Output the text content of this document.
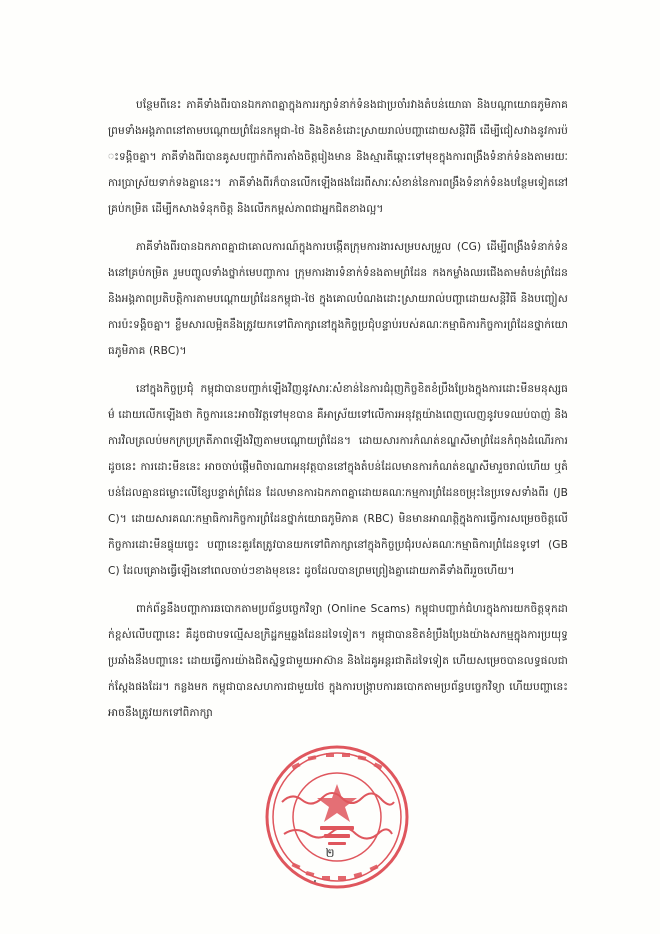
បន្ថែមពីនេះ ភាគីទាំងពីរបានឯកភាពគ្នាក្នុងការរក្សាទំនាក់ទំនងជាប្រចាំរវាងតំបន់យោធា និងបណ្តាយោធភូមិភាគ ព្រមទាំងអង្គភាពនៅតាមបណ្តោយព្រំដែនកម្ពុជា-ថៃ និងខិតខំដោះស្រាយរាល់បញ្ហាដោយសន្តិវិធី ដើម្បីជៀសវាងនូវការប៉ះទង្គិចគ្នា។ ភាគីទាំងពីរបានគូសបញ្ជាក់ពីការតាំងចិត្តរៀងមាន និងស្មារតីឆ្ពោះទៅមុខក្នុងការពង្រឹងទំនាក់ទំនងតាមរយៈការប្រាស្រ័យទាក់ទងគ្នានេះ។ ភាគីទាំងពីរក៏បានលើកឡើងផងដែរពីសារៈសំខាន់នៃការពង្រឹងទំនាក់ទំនងបន្ថែមទៀតនៅគ្រប់កម្រិត ដើម្បីកសាងទំនុកចិត្ត និងលើកកម្ពស់ភាពជាអ្នកជិតខាងល្អ។

ភាគីទាំងពីរបានឯកភាពគ្នាជាគោលការណ៍ក្នុងការបង្កើតក្រុមការងារសម្របសម្រួល (CG) ដើម្បីពង្រឹងទំនាក់ទំនងនៅគ្រប់កម្រិត រួមបញ្ចូលទាំងថ្នាក់មេបញ្ជាការ ក្រុមការងារទំនាក់ទំនងតាមព្រំដែន កងកម្លាំងឈរជើងតាមតំបន់ព្រំដែន និងអង្គភាពប្រតិបត្តិការតាមបណ្តោយព្រំដែនកម្ពុជា-ថៃ ក្នុងគោលបំណងដោះស្រាយរាល់បញ្ហាដោយសន្តិវិធី និងបញ្ចៀសការប៉ះទង្គិចគ្នា។ ខ្លឹមសារលម្អិតនឹងត្រូវយកទៅពិភាក្សានៅក្នុងកិច្ចប្រជុំបន្ទាប់របស់គណៈកម្មាធិការកិច្ចការព្រំដែនថ្នាក់យោធភូមិភាគ (RBC)។

នៅក្នុងកិច្ចប្រជុំ កម្ពុជាបានបញ្ជាក់ឡើងវិញនូវសារៈសំខាន់នៃការជំរុញកិច្ចខិតខំប្រឹងប្រែងក្នុងការដោះមីនមនុស្សធម៌ ដោយលើកឡើងថា កិច្ចការនេះអាចវិវត្តទៅមុខបាន គឺអាស្រ័យទៅលើការអនុវត្តយ៉ាងពេញលេញនូវបទឈប់បាញ់ និងការវិលត្រលប់មកក្រប្រក្រតីភាពឡើងវិញតាមបណ្តោយព្រំដែន។ ដោយសារការកំណត់ខណ្ឌសីមាព្រំដែនកំពុងដំណើរការ ដូចនេះ ការដោះមីននេះ អាចចាប់ផ្តើមពិចារណាអនុវត្តបាននៅក្នុងតំបន់ដែលមានការកំណត់ខណ្ឌសីមារួចរាល់ហើយ ឬតំបន់ដែលគ្មានជម្លោះលើខ្សែបន្ទាត់ព្រំដែន ដែលមានការឯកភាពគ្នាដោយគណៈកម្មការព្រំដែនចម្រុះនៃប្រទេសទាំងពីរ (JBC)។ ដោយសារគណៈកម្មាធិការកិច្ចការព្រំដែនថ្នាក់យោធភូមិភាគ (RBC) មិនមានអាណត្តិក្នុងការធ្វើការសម្រេចចិត្តលើកិច្ចការដោះមីនផ្ទុយច្ចេះ បញ្ហានេះគួរតែត្រូវបានយកទៅពិភាក្សានៅក្នុងកិច្ចប្រជុំរបស់គណៈកម្មាធិការព្រំដែនទូទៅ (GBC) ដែលគ្រោងធ្វើឡើងនៅពេលចាប់ៗខាងមុខនេះ ដូចដែលបានព្រមព្រៀងគ្នាដោយភាគីទាំងពីររួចហើយ។

ពាក់ព័ន្ធនឹងបញ្ហាការឆបោកតាមប្រព័ន្ធបច្ចេកវិទ្យា (Online Scams) កម្ពុជាបញ្ជាក់ជំហរក្នុងការយកចិត្តទុកដាក់ខ្ពស់លើបញ្ហានេះ គឺដូចជាបទល្មើសឧក្រិដ្ឋកម្មឆ្លងដែនដទៃទៀត។ កម្ពុជាបានខិតខំប្រឹងប្រែងយ៉ាងសកម្មក្នុងការប្រយុទ្ធប្រឆាំងនឹងបញ្ហានេះ ដោយធ្វើការយ៉ាងជិតស្និទ្ធជាមួយអាស៊ាន និងដៃគូអន្តរជាតិដទៃទៀត ហើយសម្រេចបានលទ្ធផលជាក់ស្តែងផងដែរ។ កន្លងមក កម្ពុជាបានសហការជាមួយថៃ ក្នុងការបង្ក្រាបការឆបោកតាមប្រព័ន្ធបច្ចេកវិទ្យា ហើយបញ្ហានេះអាចនឹងត្រូវយកទៅពិភាក្សា

២
